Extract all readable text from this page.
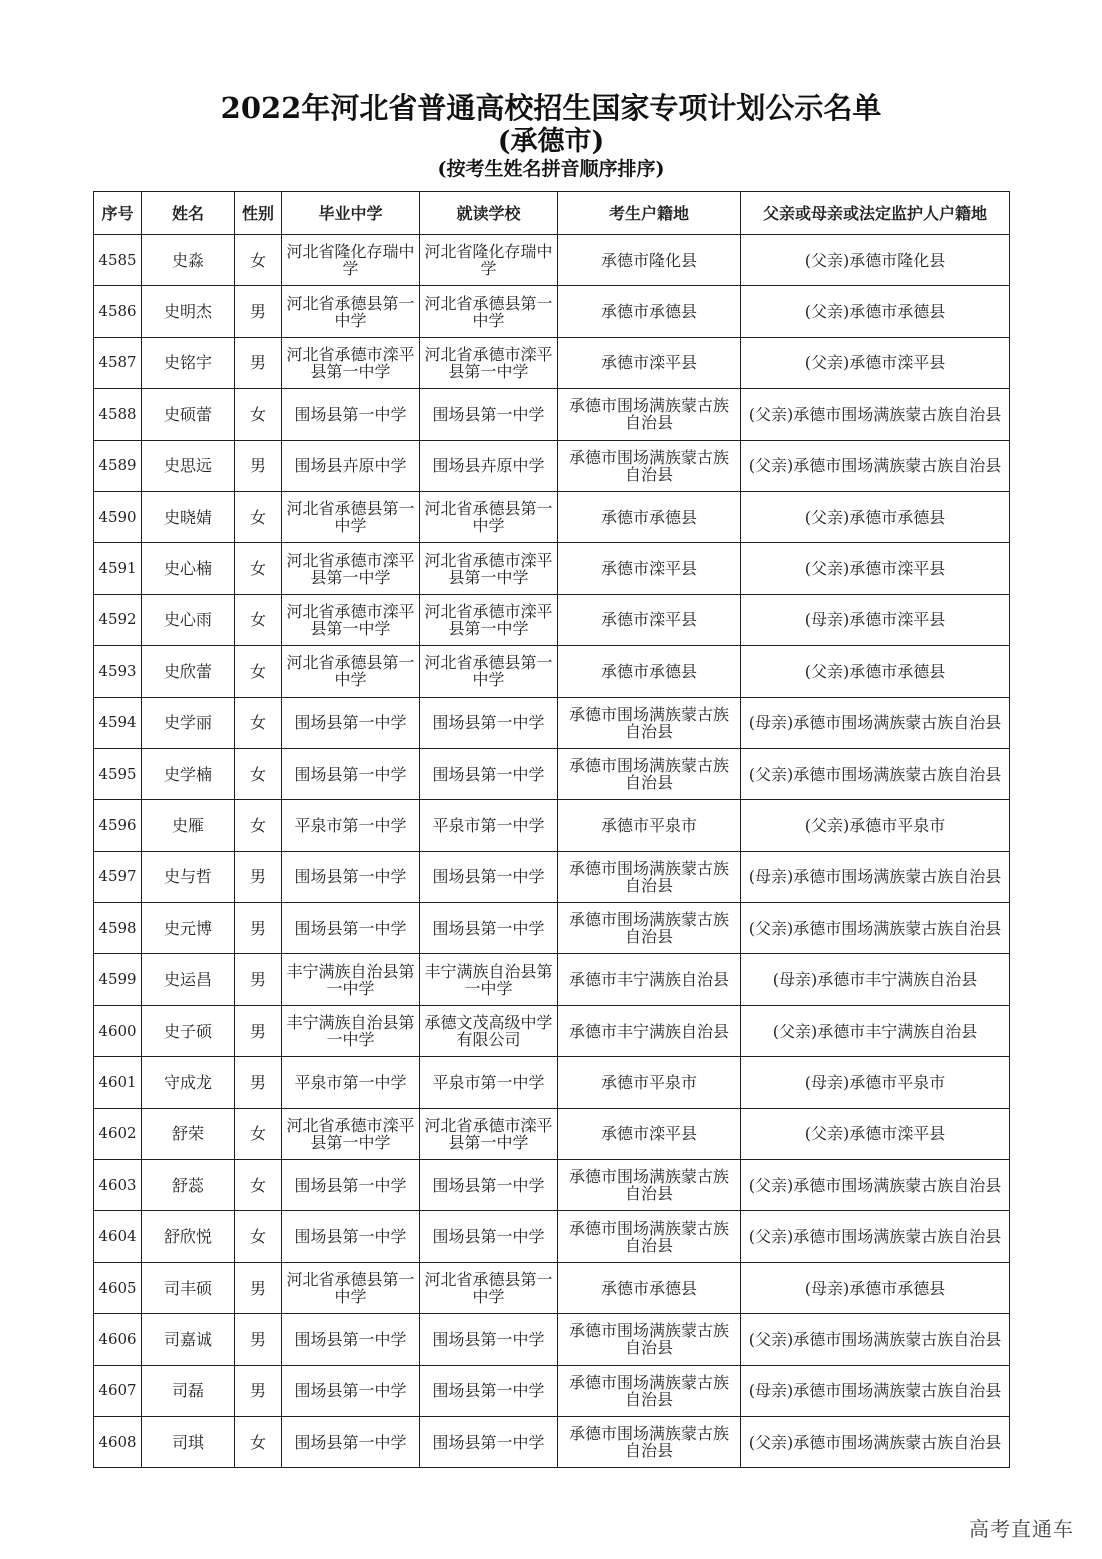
2022年河北省普通高校招生国家专项计划公示名单
(承德市)
(按考生姓名拼音顺序排序)
序号	姓名	性别	毕业中学	就读学校	考生户籍地	父亲或母亲或法定监护人户籍地
4585	史淼	女	河北省隆化存瑞中学	河北省隆化存瑞中学	承德市隆化县	(父亲)承德市隆化县
4586	史明杰	男	河北省承德县第一中学	河北省承德县第一中学	承德市承德县	(父亲)承德市承德县
4587	史铭宇	男	河北省承德市滦平县第一中学	河北省承德市滦平县第一中学	承德市滦平县	(父亲)承德市滦平县
4588	史硕蕾	女	围场县第一中学	围场县第一中学	承德市围场满族蒙古族自治县	(父亲)承德市围场满族蒙古族自治县
4589	史思远	男	围场县卉原中学	围场县卉原中学	承德市围场满族蒙古族自治县	(父亲)承德市围场满族蒙古族自治县
4590	史晓婧	女	河北省承德县第一中学	河北省承德县第一中学	承德市承德县	(父亲)承德市承德县
4591	史心楠	女	河北省承德市滦平县第一中学	河北省承德市滦平县第一中学	承德市滦平县	(父亲)承德市滦平县
4592	史心雨	女	河北省承德市滦平县第一中学	河北省承德市滦平县第一中学	承德市滦平县	(母亲)承德市滦平县
4593	史欣蕾	女	河北省承德县第一中学	河北省承德县第一中学	承德市承德县	(父亲)承德市承德县
4594	史学丽	女	围场县第一中学	围场县第一中学	承德市围场满族蒙古族自治县	(母亲)承德市围场满族蒙古族自治县
4595	史学楠	女	围场县第一中学	围场县第一中学	承德市围场满族蒙古族自治县	(父亲)承德市围场满族蒙古族自治县
4596	史雁	女	平泉市第一中学	平泉市第一中学	承德市平泉市	(父亲)承德市平泉市
4597	史与哲	男	围场县第一中学	围场县第一中学	承德市围场满族蒙古族自治县	(母亲)承德市围场满族蒙古族自治县
4598	史元博	男	围场县第一中学	围场县第一中学	承德市围场满族蒙古族自治县	(父亲)承德市围场满族蒙古族自治县
4599	史运昌	男	丰宁满族自治县第一中学	丰宁满族自治县第一中学	承德市丰宁满族自治县	(母亲)承德市丰宁满族自治县
4600	史子硕	男	丰宁满族自治县第一中学	承德文茂高级中学有限公司	承德市丰宁满族自治县	(父亲)承德市丰宁满族自治县
4601	守成龙	男	平泉市第一中学	平泉市第一中学	承德市平泉市	(母亲)承德市平泉市
4602	舒荣	女	河北省承德市滦平县第一中学	河北省承德市滦平县第一中学	承德市滦平县	(父亲)承德市滦平县
4603	舒蕊	女	围场县第一中学	围场县第一中学	承德市围场满族蒙古族自治县	(父亲)承德市围场满族蒙古族自治县
4604	舒欣悦	女	围场县第一中学	围场县第一中学	承德市围场满族蒙古族自治县	(父亲)承德市围场满族蒙古族自治县
4605	司丰硕	男	河北省承德县第一中学	河北省承德县第一中学	承德市承德县	(母亲)承德市承德县
4606	司嘉诚	男	围场县第一中学	围场县第一中学	承德市围场满族蒙古族自治县	(父亲)承德市围场满族蒙古族自治县
4607	司磊	男	围场县第一中学	围场县第一中学	承德市围场满族蒙古族自治县	(母亲)承德市围场满族蒙古族自治县
4608	司琪	女	围场县第一中学	围场县第一中学	承德市围场满族蒙古族自治县	(父亲)承德市围场满族蒙古族自治县
高考直通车
